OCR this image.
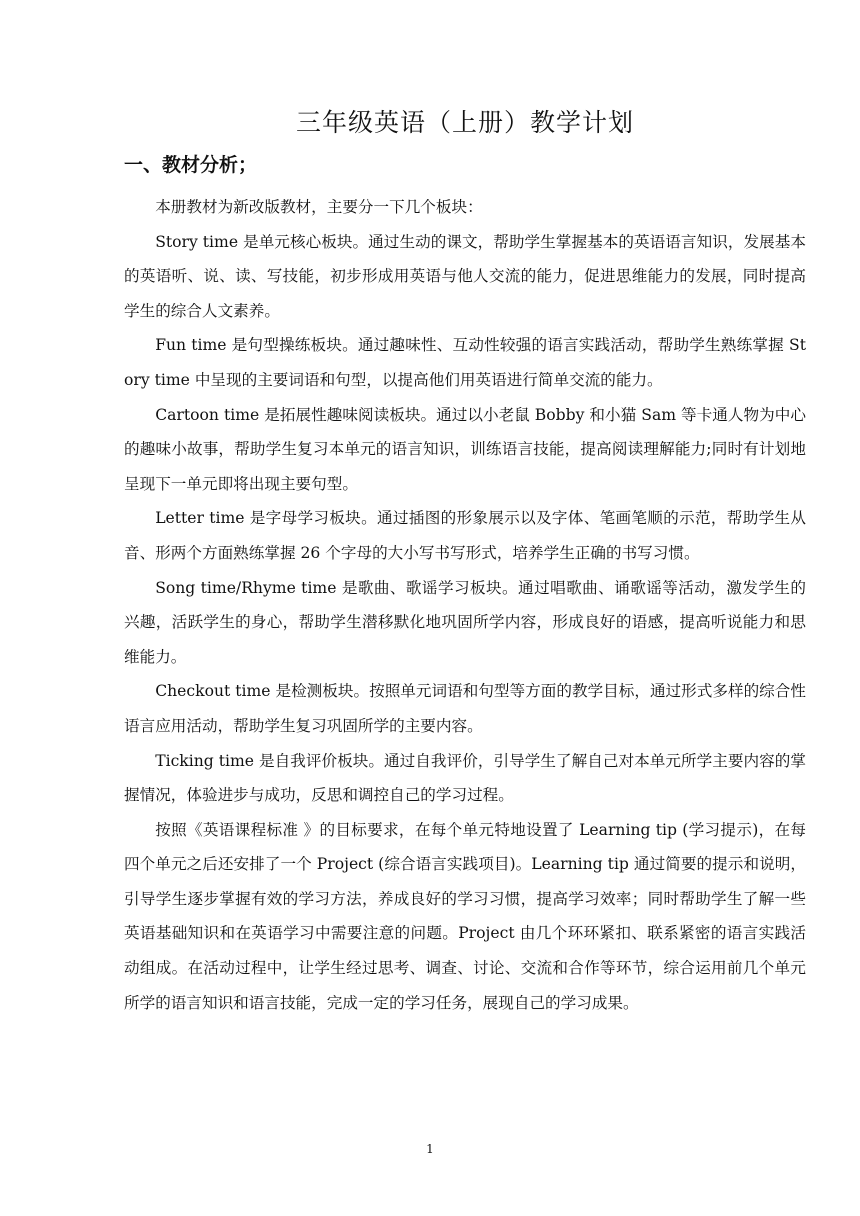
三年级英语（上册）教学计划
一、教材分析；

本册教材为新改版教材，主要分一下几个板块：

Story time 是单元核心板块。通过生动的课文，帮助学生掌握基本的英语语言知识，发展基本的英语听、说、读、写技能，初步形成用英语与他人交流的能力，促进思维能力的发展，同时提高学生的综合人文素养。

Fun time 是句型操练板块。通过趣味性、互动性较强的语言实践活动，帮助学生熟练掌握 Story time 中呈现的主要词语和句型，以提高他们用英语进行简单交流的能力。

Cartoon time 是拓展性趣味阅读板块。通过以小老鼠 Bobby 和小猫 Sam 等卡通人物为中心的趣味小故事，帮助学生复习本单元的语言知识，训练语言技能，提高阅读理解能力;同时有计划地呈现下一单元即将出现主要句型。

Letter time 是字母学习板块。通过插图的形象展示以及字体、笔画笔顺的示范，帮助学生从音、形两个方面熟练掌握 26 个字母的大小写书写形式，培养学生正确的书写习惯。

Song time/Rhyme time 是歌曲、歌谣学习板块。通过唱歌曲、诵歌谣等活动，激发学生的兴趣，活跃学生的身心，帮助学生潜移默化地巩固所学内容，形成良好的语感，提高听说能力和思维能力。

Checkout time 是检测板块。按照单元词语和句型等方面的教学目标，通过形式多样的综合性语言应用活动，帮助学生复习巩固所学的主要内容。

Ticking time 是自我评价板块。通过自我评价，引导学生了解自己对本单元所学主要内容的掌握情况，体验进步与成功，反思和调控自己的学习过程。

按照《英语课程标准 》的目标要求，在每个单元特地设置了 Learning tip (学习提示)，在每四个单元之后还安排了一个 Project (综合语言实践项目)。Learning tip 通过简要的提示和说明，引导学生逐步掌握有效的学习方法，养成良好的学习习惯，提高学习效率；同时帮助学生了解一些英语基础知识和在英语学习中需要注意的问题。Project 由几个环环紧扣、联系紧密的语言实践活动组成。在活动过程中，让学生经过思考、调查、讨论、交流和合作等环节，综合运用前几个单元所学的语言知识和语言技能，完成一定的学习任务，展现自己的学习成果。

1
